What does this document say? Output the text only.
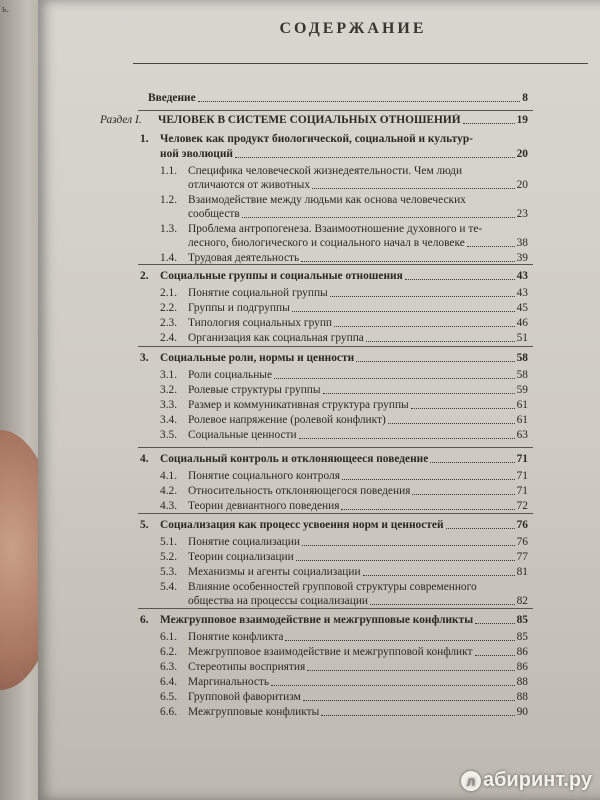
ь.
СОДЕРЖАНИЕ
Введение	8
Раздел I. ЧЕЛОВЕК В СИСТЕМЕ СОЦИАЛЬНЫХ ОТНОШЕНИЙ	19
1. Человек как продукт биологической, социальной и культур-
ной эволюций	20
1.1. Специфика человеческой жизнедеятельности. Чем люди
отличаются от животных	20
1.2. Взаимодействие между людьми как основа человеческих
сообществ	23
1.3. Проблема антропогенеза. Взаимоотношение духовного и те-
лесного, биологического и социального начал в человеке	38
1.4. Трудовая деятельность	39
2. Социальные группы и социальные отношения	43
2.1. Понятие социальной группы	43
2.2. Группы и подгруппы	45
2.3. Типология социальных групп	46
2.4. Организация как социальная группа	51
3. Социальные роли, нормы и ценности	58
3.1. Роли социальные	58
3.2. Ролевые структуры группы	59
3.3. Размер и коммуникативная структура группы	61
3.4. Ролевое напряжение (ролевой конфликт)	61
3.5. Социальные ценности	63
4. Социальный контроль и отклоняющееся поведение	71
4.1. Понятие социального контроля	71
4.2. Относительность отклоняющегося поведения	71
4.3. Теории девиантного поведения	72
5. Социализация как процесс усвоения норм и ценностей	76
5.1. Понятие социализации	76
5.2. Теории социализации	77
5.3. Механизмы и агенты социализации	81
5.4. Влияние особенностей групповой структуры современного
общества на процессы социализации	82
6. Межгрупповое взаимодействие и межгрупповые конфликты	85
6.1. Понятие конфликта	85
6.2. Межгрупповое взаимодействие и межгрупповой конфликт	86
6.3. Стереотипы восприятия	86
6.4. Маргинальность	88
6.5. Групповой фаворитизм	88
6.6. Межгрупповые конфликты	90
л абиринт.ру
